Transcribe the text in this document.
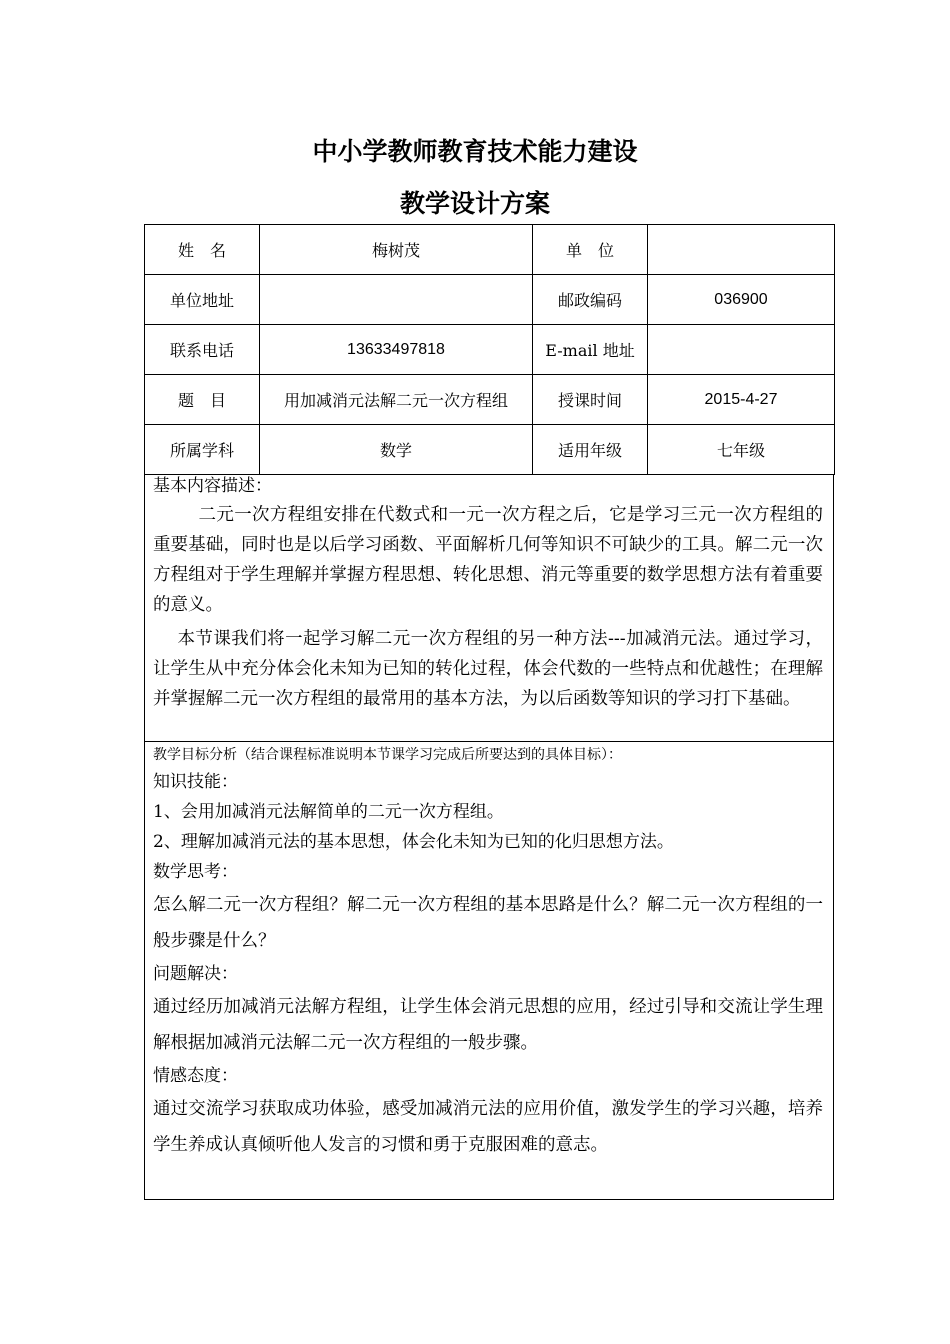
中小学教师教育技术能力建设
教学设计方案
姓　名	梅树茂	单　位	
单位地址		邮政编码	036900
联系电话	13633497818	E-mail 地址	
题　目	用加减消元法解二元一次方程组	授课时间	2015-4-27
所属学科	数学	适用年级	七年级
基本内容描述：

二元一次方程组安排在代数式和一元一次方程之后，它是学习三元一次方程组的重要基础，同时也是以后学习函数、平面解析几何等知识不可缺少的工具。解二元一次方程组对于学生理解并掌握方程思想、转化思想、消元等重要的数学思想方法有着重要的意义。

本节课我们将一起学习解二元一次方程组的另一种方法---加减消元法。通过学习，让学生从中充分体会化未知为已知的转化过程，体会代数的一些特点和优越性；在理解并掌握解二元一次方程组的最常用的基本方法，为以后函数等知识的学习打下基础。

教学目标分析（结合课程标准说明本节课学习完成后所要达到的具体目标）：
知识技能：
1、会用加减消元法解简单的二元一次方程组。
2、理解加减消元法的基本思想，体会化未知为已知的化归思想方法。
数学思考：

怎么解二元一次方程组？解二元一次方程组的基本思路是什么？解二元一次方程组的一般步骤是什么？

问题解决：

通过经历加减消元法解方程组，让学生体会消元思想的应用，经过引导和交流让学生理解根据加减消元法解二元一次方程组的一般步骤。

情感态度：

通过交流学习获取成功体验，感受加减消元法的应用价值，激发学生的学习兴趣，培养学生养成认真倾听他人发言的习惯和勇于克服困难的意志。
